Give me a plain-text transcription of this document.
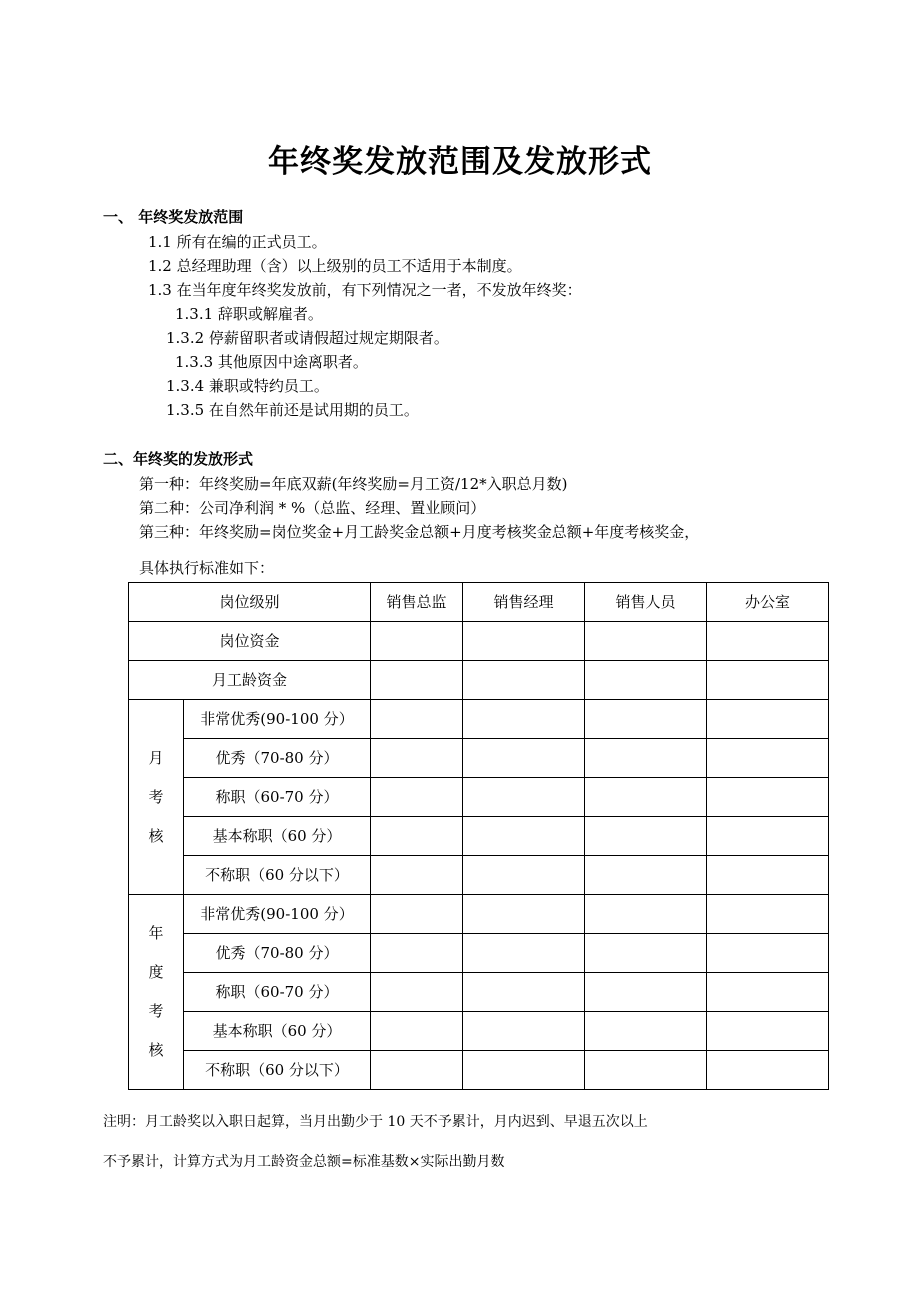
年终奖发放范围及发放形式
一、 年终奖发放范围
1.1 所有在编的正式员工。
1.2 总经理助理（含）以上级别的员工不适用于本制度。
1.3 在当年度年终奖发放前，有下列情况之一者，不发放年终奖：
1.3.1 辞职或解雇者。
1.3.2 停薪留职者或请假超过规定期限者。
1.3.3 其他原因中途离职者。
1.3.4 兼职或特约员工。
1.3.5 在自然年前还是试用期的员工。
二、年终奖的发放形式
第一种：年终奖励=年底双薪(年终奖励=月工资/12*入职总月数)
第二种：公司净利润 * %（总监、经理、置业顾问）
第三种：年终奖励=岗位奖金+月工龄奖金总额+月度考核奖金总额+年度考核奖金，
具体执行标准如下：
岗位级别		销售总监	销售经理	销售人员	办公室
岗位资金					
月工龄资金					
月
考
核	非常优秀(90-100 分）				
	优秀（70-80 分）				
	称职（60-70 分）				
	基本称职（60 分）				
	不称职（60 分以下）				
年
度
考
核	非常优秀(90-100 分）				
	优秀（70-80 分）				
	称职（60-70 分）				
	基本称职（60 分）				
	不称职（60 分以下）				
注明：月工龄奖以入职日起算，当月出勤少于 10 天不予累计，月内迟到、早退五次以上
不予累计，计算方式为月工龄资金总额=标准基数×实际出勤月数
